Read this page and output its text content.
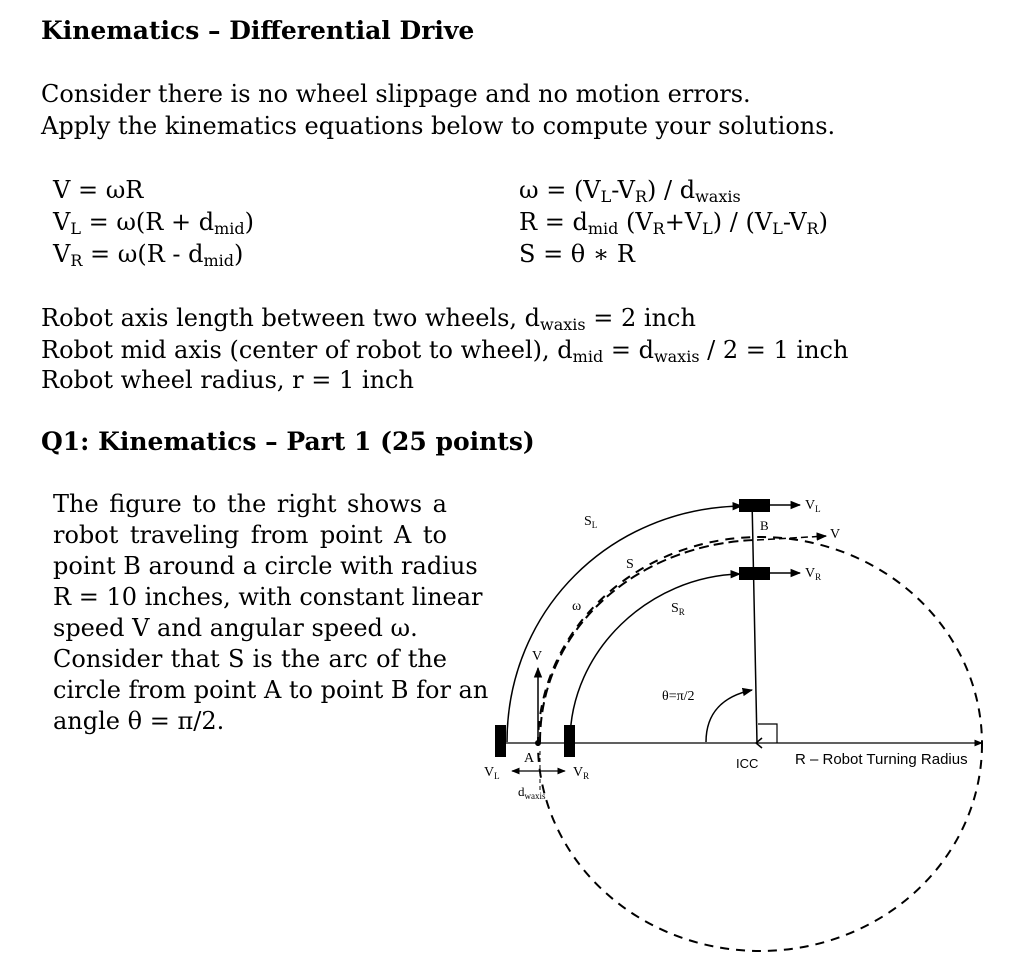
Kinematics – Differential Drive
Consider there is no wheel slippage and no motion errors.
Apply the kinematics equations below to compute your solutions.
V = ωR
VL = ω(R + dmid)
VR = ω(R - dmid)
ω = (VL-VR) / dwaxis
R = dmid (VR+VL) / (VL-VR)
S = θ ∗ R
Robot axis length between two wheels, dwaxis = 2 inch
Robot mid axis (center of robot to wheel), dmid = dwaxis / 2 = 1 inch
Robot wheel radius, r = 1 inch
Q1: Kinematics – Part 1 (25 points)
The figure to the right shows a
robot traveling from point A to
point B around a circle with radius
R = 10 inches, with constant linear
speed V and angular speed ω.
Consider that S is the arc of the
circle from point A to point B for an
angle θ = π/2.
$S_L$
S
$S_R$
ω
V
$V_L$
$V_R$
B
A
V
θ=π/2
ICC R – Robot Turning Radius
$V_L$	$V_R$
$d_{waxis}$
